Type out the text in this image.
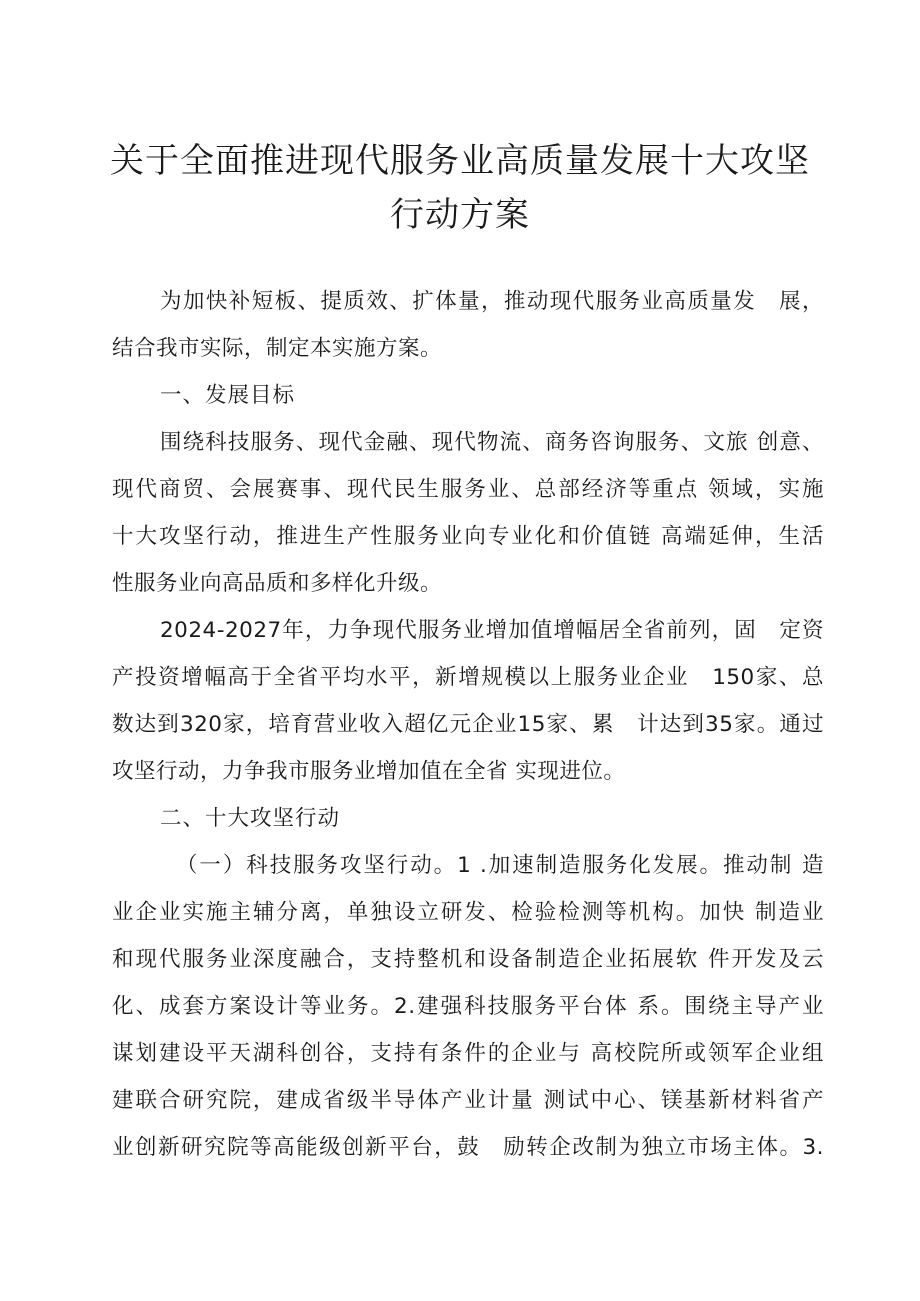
关于全面推进现代服务业高质量发展十大攻坚
行动方案
为加快补短板、提质效、扩体量，推动现代服务业高质量发　展，
结合我市实际，制定本实施方案。
一、发展目标
围绕科技服务、现代金融、现代物流、商务咨询服务、文旅 创意、
现代商贸、会展赛事、现代民生服务业、总部经济等重点 领域，实施
十大攻坚行动，推进生产性服务业向专业化和价值链 高端延伸，生活
性服务业向高品质和多样化升级。
2024-2027年，力争现代服务业增加值增幅居全省前列，固　定资
产投资增幅高于全省平均水平，新增规模以上服务业企业　150家、总
数达到320家，培育营业收入超亿元企业15家、累　计达到35家。通过
攻坚行动，力争我市服务业增加值在全省 实现进位。
二、十大攻坚行动
（一）科技服务攻坚行动。1 .加速制造服务化发展。推动制 造
业企业实施主辅分离，单独设立研发、检验检测等机构。加快 制造业
和现代服务业深度融合，支持整机和设备制造企业拓展软 件开发及云
化、成套方案设计等业务。2.建强科技服务平台体 系。围绕主导产业
谋划建设平天湖科创谷，支持有条件的企业与 高校院所或领军企业组
建联合研究院，建成省级半导体产业计量 测试中心、镁基新材料省产
业创新研究院等高能级创新平台，鼓　励转企改制为独立市场主体。3.
